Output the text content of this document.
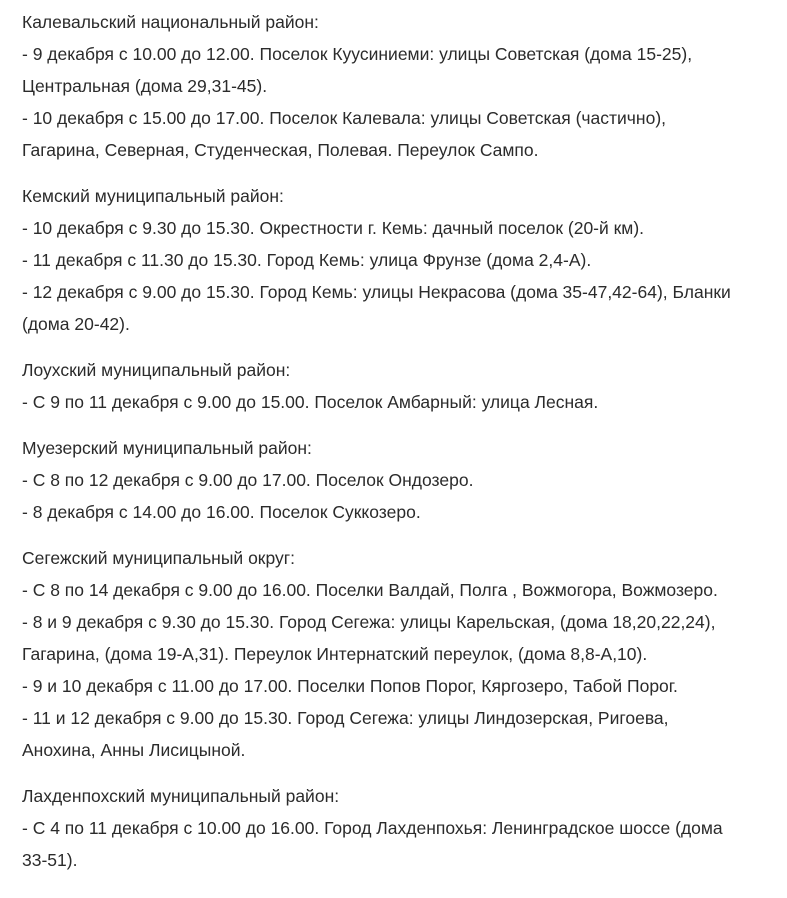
Калевальский национальный район:

- 9 декабря с 10.00 до 12.00. Поселок Куусиниеми: улицы Советская (дома 15-25), Центральная (дома 29,31-45).

- 10 декабря с 15.00 до 17.00. Поселок Калевала: улицы Советская (частично), Гагарина, Северная, Студенческая, Полевая. Переулок Сампо.

Кемский муниципальный район:

- 10 декабря с 9.30 до 15.30. Окрестности г. Кемь: дачный поселок (20-й км).

- 11 декабря с 11.30 до 15.30. Город Кемь: улица Фрунзе (дома 2,4-А).

- 12 декабря с 9.00 до 15.30. Город Кемь: улицы Некрасова (дома 35-47,42-64), Бланки (дома 20-42).

Лоухский муниципальный район:

- С 9 по 11 декабря с 9.00 до 15.00. Поселок Амбарный: улица Лесная.

Муезерский муниципальный район:

- С 8 по 12 декабря с 9.00 до 17.00. Поселок Ондозеро.

- 8 декабря с 14.00 до 16.00. Поселок Суккозеро.

Сегежский муниципальный округ:

- С 8 по 14 декабря с 9.00 до 16.00. Поселки Валдай, Полга , Вожмогора, Вожмозеро.

- 8 и 9 декабря с 9.30 до 15.30. Город Сегежа: улицы Карельская, (дома 18,20,22,24), Гагарина, (дома 19-А,31). Переулок Интернатский переулок, (дома 8,8-А,10).

- 9 и 10 декабря с 11.00 до 17.00. Поселки Попов Порог, Кяргозеро, Табой Порог.

- 11 и 12 декабря с 9.00 до 15.30. Город Сегежа: улицы Линдозерская, Ригоева, Анохина, Анны Лисицыной.

Лахденпохский муниципальный район:

- С 4 по 11 декабря с 10.00 до 16.00. Город Лахденпохья: Ленинградское шоссе (дома 33-51).
